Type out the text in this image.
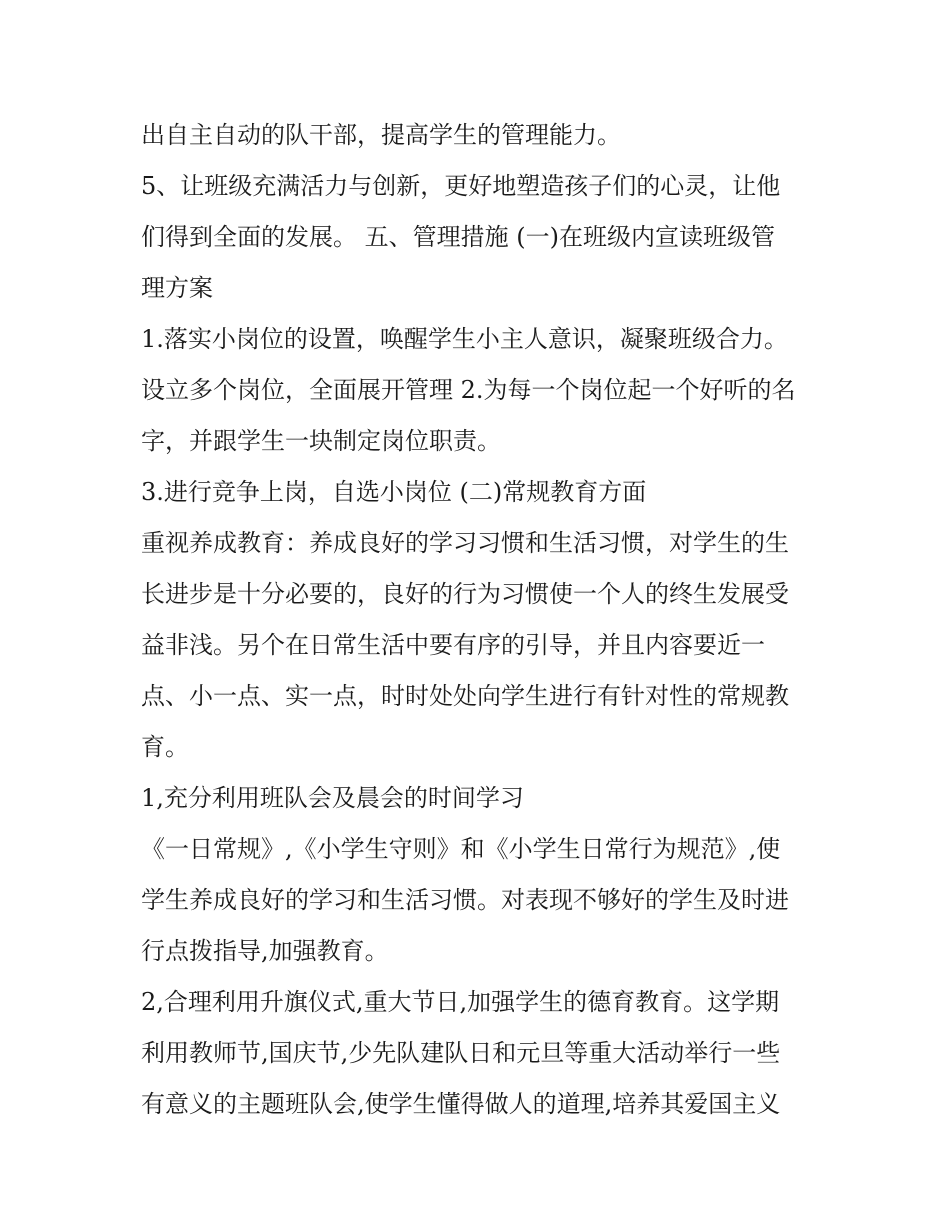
出自主自动的队干部，提高学生的管理能力。
5、让班级充满活力与创新，更好地塑造孩子们的心灵，让他
们得到全面的发展。 五、管理措施 (一)在班级内宣读班级管
理方案
1.落实小岗位的设置，唤醒学生小主人意识，凝聚班级合力。
设立多个岗位，全面展开管理 2.为每一个岗位起一个好听的名
字，并跟学生一块制定岗位职责。
3.进行竞争上岗，自选小岗位 (二)常规教育方面
重视养成教育：养成良好的学习习惯和生活习惯，对学生的生
长进步是十分必要的，良好的行为习惯使一个人的终生发展受
益非浅。另个在日常生活中要有序的引导，并且内容要近一
点、小一点、实一点，时时处处向学生进行有针对性的常规教
育。
1,充分利用班队会及晨会的时间学习
《一日常规》,《小学生守则》和《小学生日常行为规范》,使
学生养成良好的学习和生活习惯。对表现不够好的学生及时进
行点拨指导,加强教育。
2,合理利用升旗仪式,重大节日,加强学生的德育教育。这学期
利用教师节,国庆节,少先队建队日和元旦等重大活动举行一些
有意义的主题班队会,使学生懂得做人的道理,培养其爱国主义
